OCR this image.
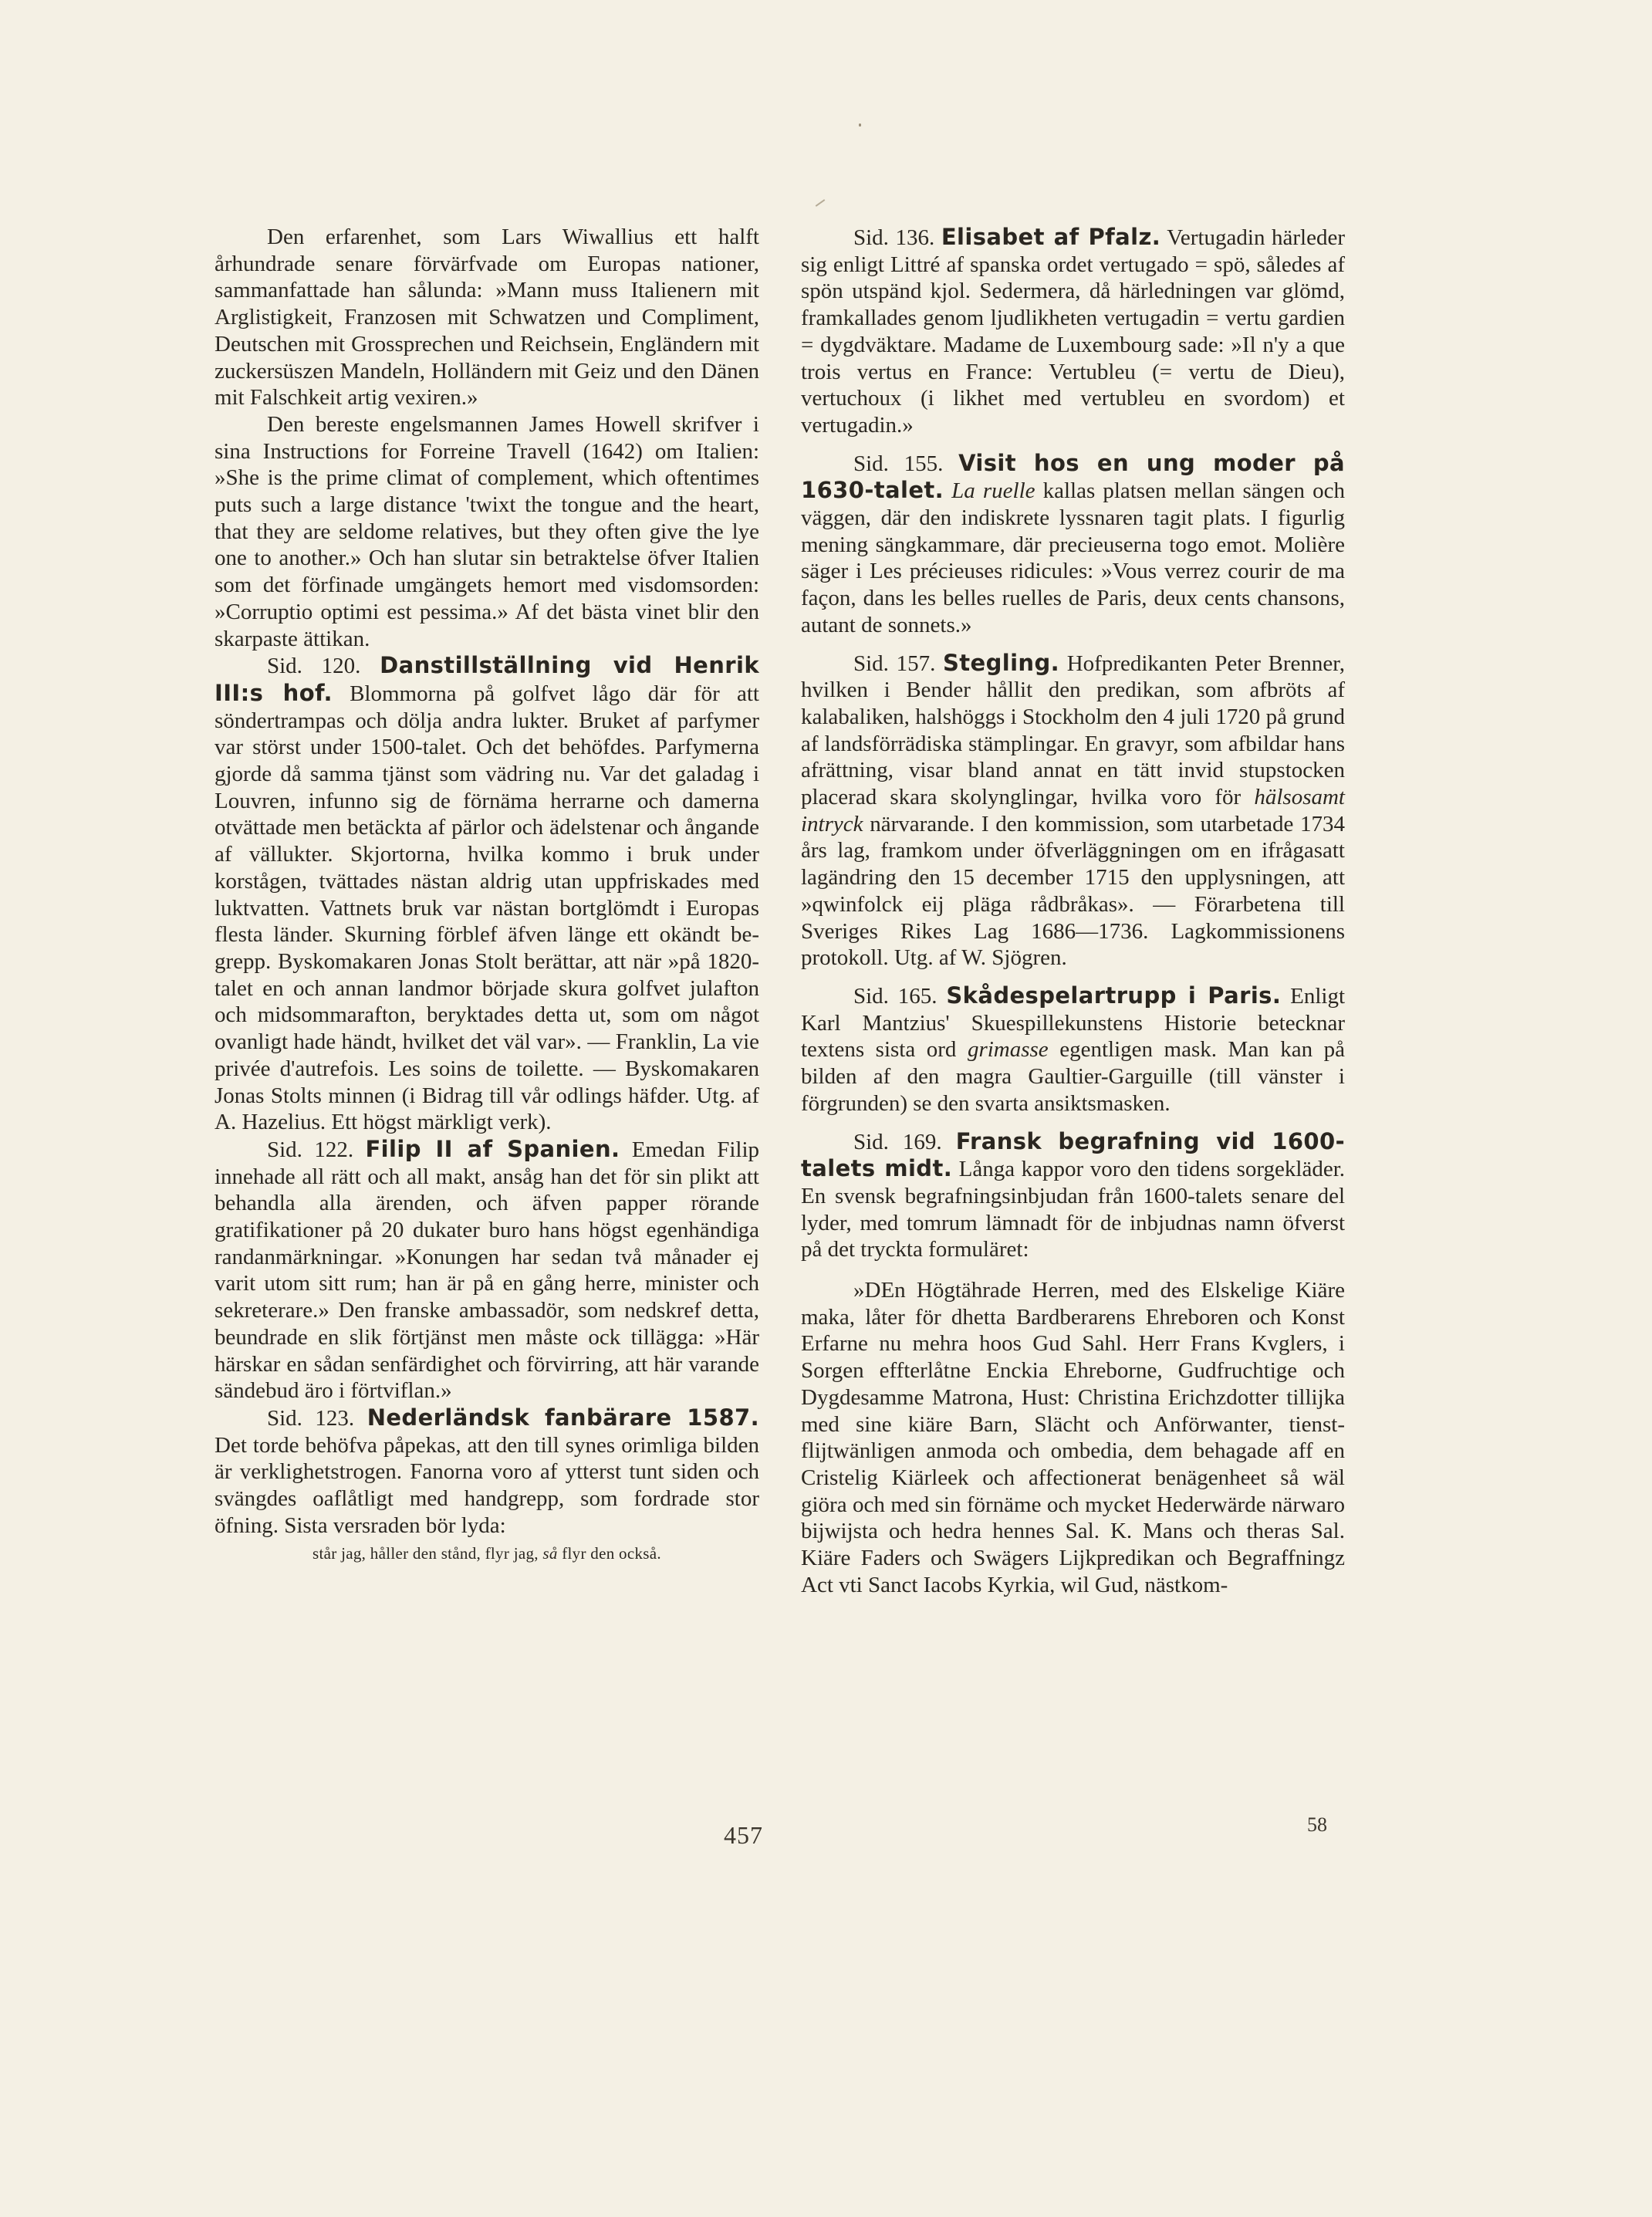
Den erfarenhet, som Lars Wiwallius ett halft århundrade senare förvärfvade om Europas nationer, sammanfattade han sålunda: »Mann muss Italienern mit Arglistigkeit, Franzosen mit Schwatzen und Compliment, Deutschen mit Grossprechen und Reichsein, Engländern mit zuckersüszen Mandeln, Holländern mit Geiz und den Dänen mit Falschkeit artig vexiren.»

Den bereste engelsmannen James Howell skrifver i sina Instructions for Forreine Travell (1642) om Italien: »She is the prime climat of complement, which oftentimes puts such a large distance 'twixt the tongue and the heart, that they are seldome relatives, but they often give the lye one to another.» Och han slutar sin betraktelse öfver Italien som det förfinade umgängets hemort med visdomsorden: »Corruptio optimi est pessima.» Af det bästa vinet blir den skarpaste ättikan.

Sid. 120. Danstillställning vid Henrik III:s hof. Blommorna på golfvet lågo där för att söndertrampas och dölja andra lukter. Bruket af parfymer var störst under 1500-talet. Och det behöfdes. Parfymerna gjorde då samma tjänst som vädring nu. Var det galadag i Louvren, infunno sig de förnäma herrarne och damerna otvättade men betäckta af pärlor och ädelstenar och ångande af vällukter. Skjortorna, hvilka kommo i bruk under korstågen, tvättades nästan aldrig utan uppfriskades med luktvatten. Vattnets bruk var nästan bortglömdt i Europas flesta länder. Skurning förblef äfven länge ett okändt begrepp. Byskomakaren Jonas Stolt berättar, att när »på 1820-talet en och annan landmor började skura golfvet julafton och midsommarafton, beryktades detta ut, som om något ovanligt hade händt, hvilket det väl var». — Franklin, La vie privée d'autrefois. Les soins de toilette. — Byskomakaren Jonas Stolts minnen (i Bidrag till vår odlings häfder. Utg. af A. Hazelius. Ett högst märkligt verk).

Sid. 122. Filip II af Spanien. Emedan Filip innehade all rätt och all makt, ansåg han det för sin plikt att behandla alla ärenden, och äfven papper rörande gratifikationer på 20 dukater buro hans högst egenhändiga randanmärkningar. »Konungen har sedan två månader ej varit utom sitt rum; han är på en gång herre, minister och sekreterare.» Den franske ambassadör, som nedskref detta, beundrade en slik förtjänst men måste ock tillägga: »Här härskar en sådan senfärdighet och förvirring, att här varande sändebud äro i förtviflan.»

Sid. 123. Nederländsk fanbärare 1587. Det torde behöfva påpekas, att den till synes orimliga bilden är verklighetstrogen. Fanorna voro af ytterst tunt siden och svängdes oaflåtligt med handgrepp, som fordrade stor öfning. Sista versraden bör lyda:

står jag, håller den stånd, flyr jag, så flyr den också.

Sid. 136. Elisabet af Pfalz. Vertugadin härleder sig enligt Littré af spanska ordet vertugado = spö, således af spön utspänd kjol. Sedermera, då härledningen var glömd, framkallades genom ljudlikheten vertugadin = vertu gardien = dygdväktare. Madame de Luxembourg sade: »Il n'y a que trois vertus en France: Vertubleu (= vertu de Dieu), vertuchoux (i likhet med vertubleu en svordom) et vertugadin.»

Sid. 155. Visit hos en ung moder på 1630-talet. La ruelle kallas platsen mellan sängen och väggen, där den indiskrete lyssnaren tagit plats. I figurlig mening sängkammare, där precieuserna togo emot. Molière säger i Les précieuses ridicules: »Vous verrez courir de ma façon, dans les belles ruelles de Paris, deux cents chansons, autant de sonnets.»

Sid. 157. Stegling. Hofpredikanten Peter Brenner, hvilken i Bender hållit den predikan, som afbröts af kalabaliken, halshöggs i Stockholm den 4 juli 1720 på grund af landsförrädiska stämplingar. En gravyr, som afbildar hans afrättning, visar bland annat en tätt invid stupstocken placerad skara skolynglingar, hvilka voro för hälsosamt intryck närvarande. I den kommission, som utarbetade 1734 års lag, framkom under öfverläggningen om en ifrågasatt lagändring den 15 december 1715 den upplysningen, att »qwinfolck eij pläga rådbråkas». — Förarbetena till Sveriges Rikes Lag 1686—1736. Lagkommissionens protokoll. Utg. af W. Sjögren.

Sid. 165. Skådespelartrupp i Paris. Enligt Karl Mantzius' Skuespillekunstens Historie betecknar textens sista ord grimasse egentligen mask. Man kan på bilden af den magra Gaultier-Garguille (till vänster i förgrunden) se den svarta ansiktsmasken.

Sid. 169. Fransk begrafning vid 1600-talets midt. Långa kappor voro den tidens sorgekläder. En svensk begrafningsinbjudan från 1600-talets senare del lyder, med tomrum lämnadt för de inbjudnas namn öfverst på det tryckta formuläret:

»DEn Högtährade Herren, med des Elskelige Kiäre maka, låter för dhetta Bardberarens Ehreboren och Konst Erfarne nu mehra hoos Gud Sahl. Herr Frans Kvglers, i Sorgen effterlåtne Enckia Ehreborne, Gudfruchtige och Dygdesamme Matrona, Hust: Christina Erichzdotter tillijka med sine kiäre Barn, Slächt och Anförwanter, tienstflijtwänligen anmoda och ombedia, dem behagade aff en Cristelig Kiärleek och affectionerat benägenheet så wäl giöra och med sin förnäme och mycket Hederwärde närwaro bijwijsta och hedra hennes Sal. K. Mans och theras Sal. Kiäre Faders och Swägers Lijkpredikan och Begraffningz Act vti Sanct Iacobs Kyrkia, wil Gud, nästkom-

457	58
